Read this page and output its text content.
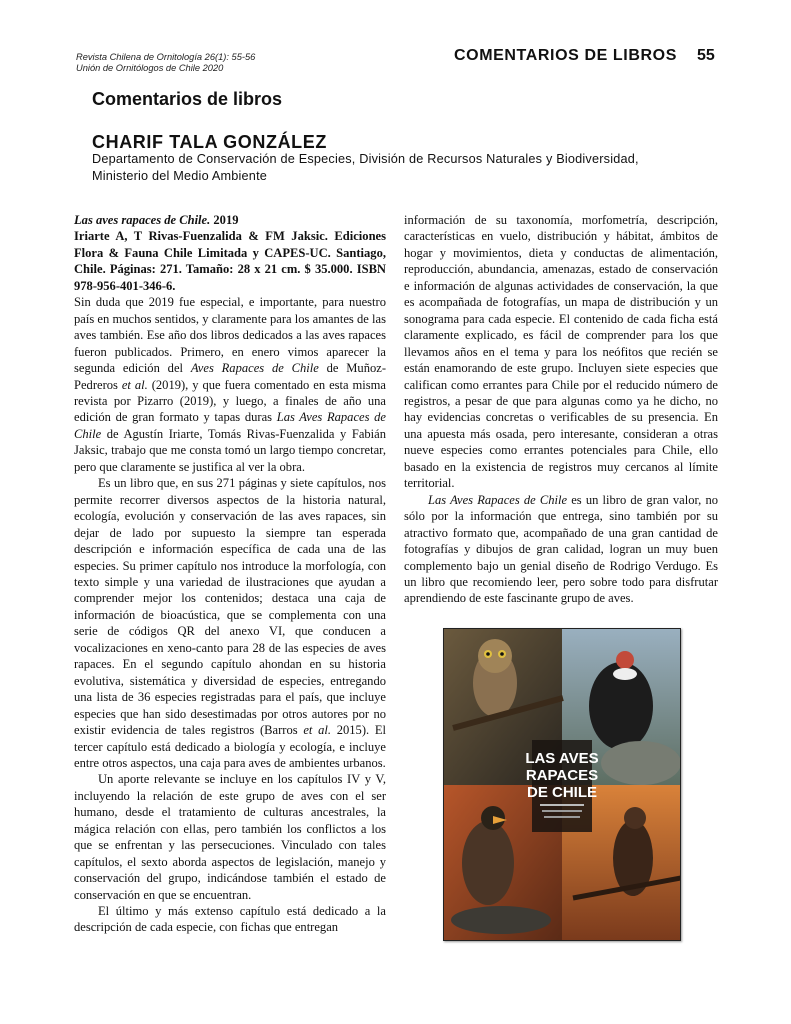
Revista Chilena de Ornitología 26(1): 55-56
Unión de Ornitólogos de Chile 2020
COMENTARIOS DE LIBROS 55
Comentarios de libros
CHARIF TALA GONZÁLEZ
Departamento de Conservación de Especies, División de Recursos Naturales y Biodiversidad,
Ministerio del Medio Ambiente

Las aves rapaces de Chile. 2019
Iriarte A, T Rivas-Fuenzalida & FM Jaksic. Ediciones Flora & Fauna Chile Limitada y CAPES-UC. Santiago, Chile. Páginas: 271. Tamaño: 28 x 21 cm. $ 35.000. ISBN 978-956-401-346-6.

Sin duda que 2019 fue especial, e importante, para nuestro país en muchos sentidos, y claramente para los amantes de las aves también. Ese año dos libros dedicados a las aves rapaces fueron publicados. Primero, en enero vimos aparecer la segunda edición del Aves Rapaces de Chile de Muñoz-Pedreros et al. (2019), y que fuera comentado en esta misma revista por Pizarro (2019), y luego, a finales de año una edición de gran formato y tapas duras Las Aves Rapaces de Chile de Agustín Iriarte, Tomás Rivas-Fuenzalida y Fabián Jaksic, trabajo que me consta tomó un largo tiempo concretar, pero que claramente se justifica al ver la obra.

Es un libro que, en sus 271 páginas y siete capítulos, nos permite recorrer diversos aspectos de la historia natural, ecología, evolución y conservación de las aves rapaces, sin dejar de lado por supuesto la siempre tan esperada descripción e información específica de cada una de las especies. Su primer capítulo nos introduce la morfología, con texto simple y una variedad de ilustraciones que ayudan a comprender mejor los contenidos; destaca una caja de información de bioacústica, que se complementa con una serie de códigos QR del anexo VI, que conducen a vocalizaciones en xeno-canto para 28 de las especies de aves rapaces. En el segundo capítulo ahondan en su historia evolutiva, sistemática y diversidad de especies, entregando una lista de 36 especies registradas para el país, que incluye especies que han sido desestimadas por otros autores por no existir evidencia de tales registros (Barros et al. 2015). El tercer capítulo está dedicado a biología y ecología, e incluye entre otros aspectos, una caja para aves de ambientes urbanos.

Un aporte relevante se incluye en los capítulos IV y V, incluyendo la relación de este grupo de aves con el ser humano, desde el tratamiento de culturas ancestrales, la mágica relación con ellas, pero también los conflictos a los que se enfrentan y las persecuciones. Vinculado con tales capítulos, el sexto aborda aspectos de legislación, manejo y conservación del grupo, indicándose también el estado de conservación en que se encuentran.

El último y más extenso capítulo está dedicado a la descripción de cada especie, con fichas que entregan

información de su taxonomía, morfometría, descripción, características en vuelo, distribución y hábitat, ámbitos de hogar y movimientos, dieta y conductas de alimentación, reproducción, abundancia, amenazas, estado de conservación e información de algunas actividades de conservación, la que es acompañada de fotografías, un mapa de distribución y un sonograma para cada especie. El contenido de cada ficha está claramente explicado, es fácil de comprender para los que llevamos años en el tema y para los neófitos que recién se están enamorando de este grupo. Incluyen siete especies que califican como errantes para Chile por el reducido número de registros, a pesar de que para algunas como ya he dicho, no hay evidencias concretas o verificables de su presencia. En una apuesta más osada, pero interesante, consideran a otras nueve especies como errantes potenciales para Chile, ello basado en la existencia de registros muy cercanos al límite territorial.

Las Aves Rapaces de Chile es un libro de gran valor, no sólo por la información que entrega, sino también por su atractivo formato que, acompañado de una gran cantidad de fotografías y dibujos de gran calidad, logran un muy buen complemento bajo un genial diseño de Rodrigo Verdugo. Es un libro que recomiendo leer, pero sobre todo para disfrutar aprendiendo de este fascinante grupo de aves.

LAS AVES
RAPACES
DE CHILE
